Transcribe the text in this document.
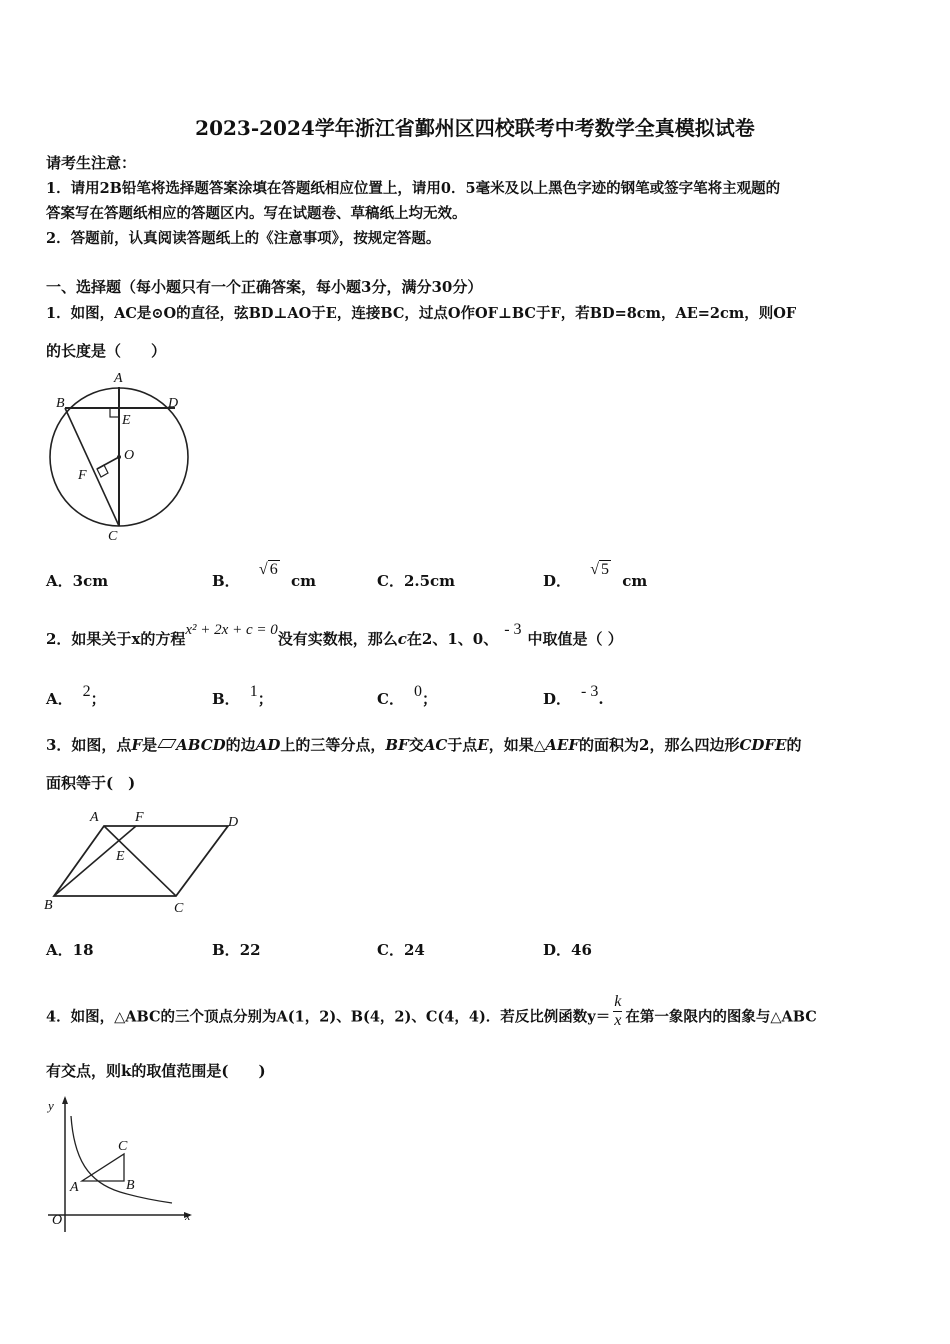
2023-2024学年浙江省鄞州区四校联考中考数学全真模拟试卷
请考生注意：
1．请用2B铅笔将选择题答案涂填在答题纸相应位置上，请用0．5毫米及以上黑色字迹的钢笔或签字笔将主观题的
答案写在答题纸相应的答题区内。写在试题卷、草稿纸上均无效。
2．答题前，认真阅读答题纸上的《注意事项》，按规定答题。
一、选择题（每小题只有一个正确答案，每小题3分，满分30分）
1．如图，AC是⊙O的直径，弦BD⊥AO于E，连接BC，过点O作OF⊥BC于F，若BD=8cm，AE=2cm，则OF
的长度是（　　）
A
B	D
E
O
F
C
A．3cm	B． √ 6 cm	C．2.5cm	D． √ 5 cm
2．如果关于x的方程x² + 2x + c = 0没有实数根，那么c在2、1、0、- 3中取值是（ ）
A． 2；	B． 1；	C． 0；	D． - 3.
3．如图，点F是 ABCD的边AD上的三等分点，BF交AC于点E，如果△AEF的面积为2，那么四边形CDFE的
面积等于(　)
A	F	D
E
B	C
A．18	B．22	C．24	D．46
4．如图，△ABC的三个顶点分别为A(1，2)、B(4，2)、C(4，4)．若反比例函数$y= \frac{k}{x}$ 在第一象限内的图象与△ABC
有交点，则k的取值范围是(　　)
y
x
O
A	B
C
